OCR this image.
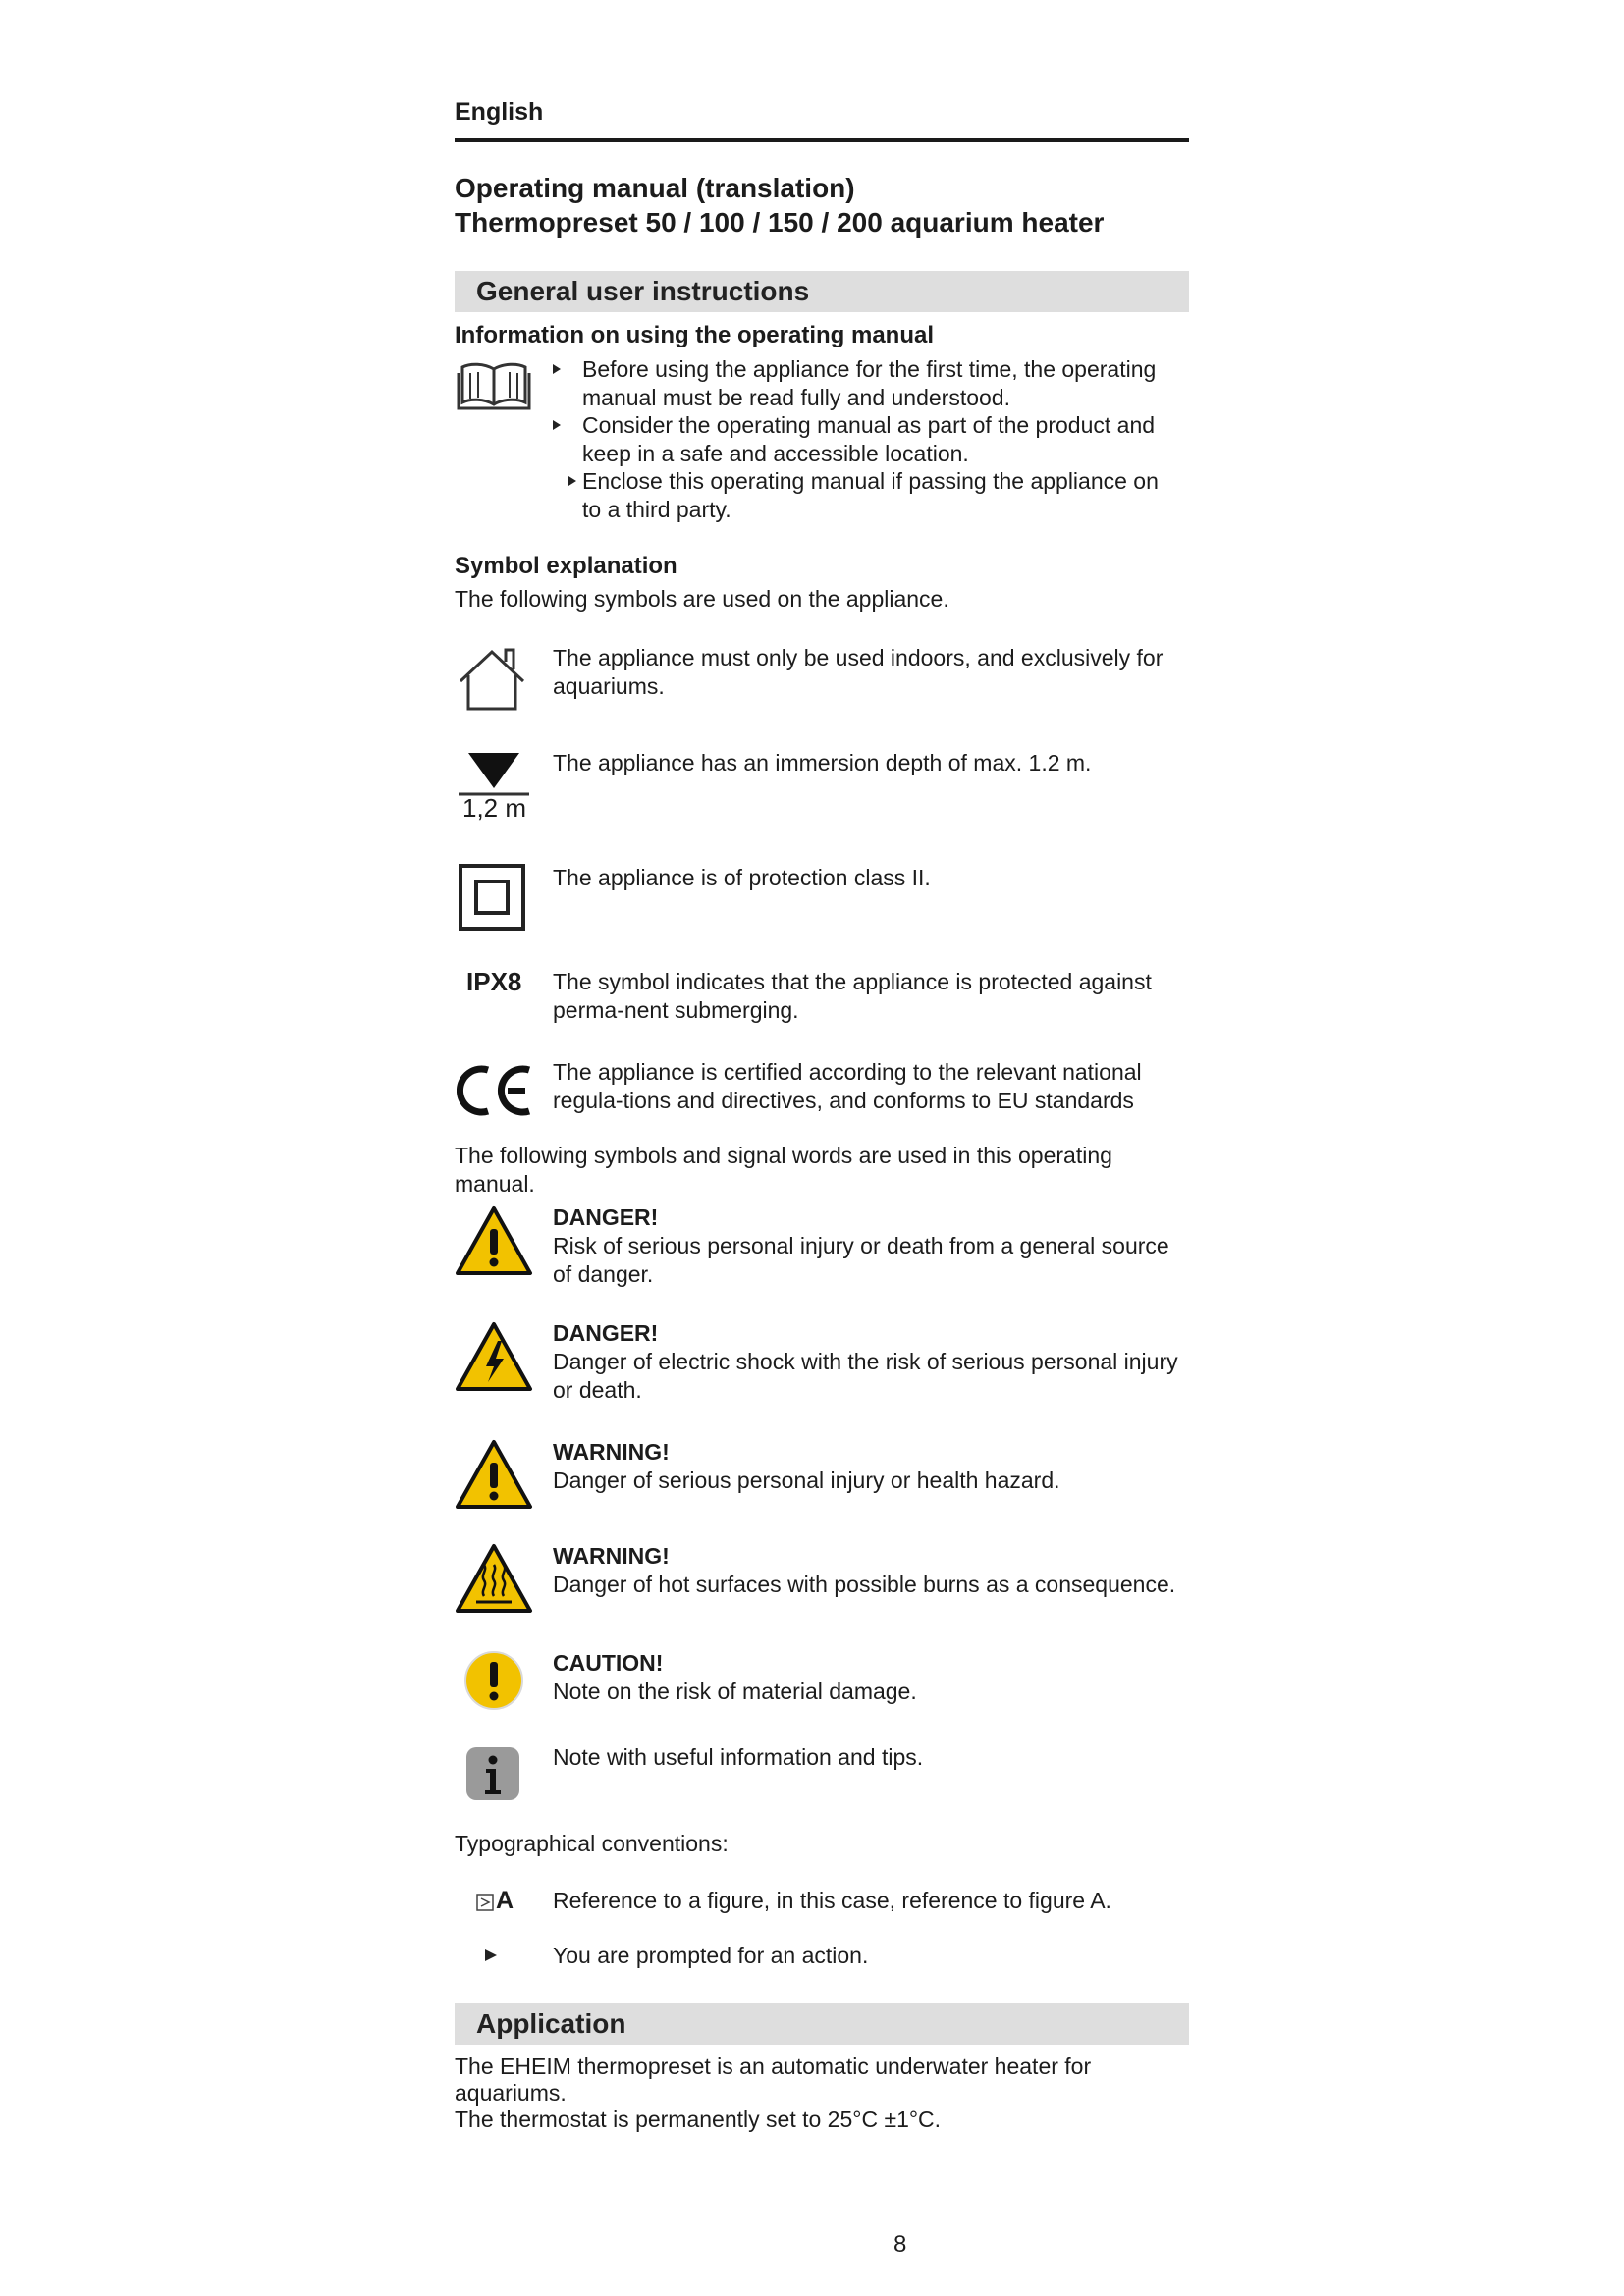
English
Operating manual (translation)
Thermopreset 50 / 100 / 150 / 200 aquarium heater
General user instructions
Information on using the operating manual
Before using the appliance for the first time, the operating manual must be read fully and understood.
Consider the operating manual as part of the product and keep in a safe and accessible location.
Enclose this operating manual if passing the appliance on to a third party.
Symbol explanation
The following symbols are used on the appliance.
The appliance must only be used indoors, and exclusively for aquariums.
1,2 m
The appliance has an immersion depth of max. 1.2 m.
The appliance is of protection class II.
IPX8 The symbol indicates that the appliance is protected against perma-nent submerging.
The appliance is certified according to the relevant national regula-tions and directives, and conforms to EU standards
The following symbols and signal words are used in this operating manual.
DANGER!
Risk of serious personal injury or death from a general source of danger.
DANGER!
Danger of electric shock with the risk of serious personal injury or death.
WARNING!
Danger of serious personal injury or health hazard.
WARNING!
Danger of hot surfaces with possible burns as a consequence.
CAUTION!
Note on the risk of material damage.
Note with useful information and tips.
Typographical conventions:
A Reference to a figure, in this case, reference to figure A.
You are prompted for an action.
Application
The EHEIM thermopreset is an automatic underwater heater for aquariums.
The thermostat is permanently set to 25°C ±1°C.
8
